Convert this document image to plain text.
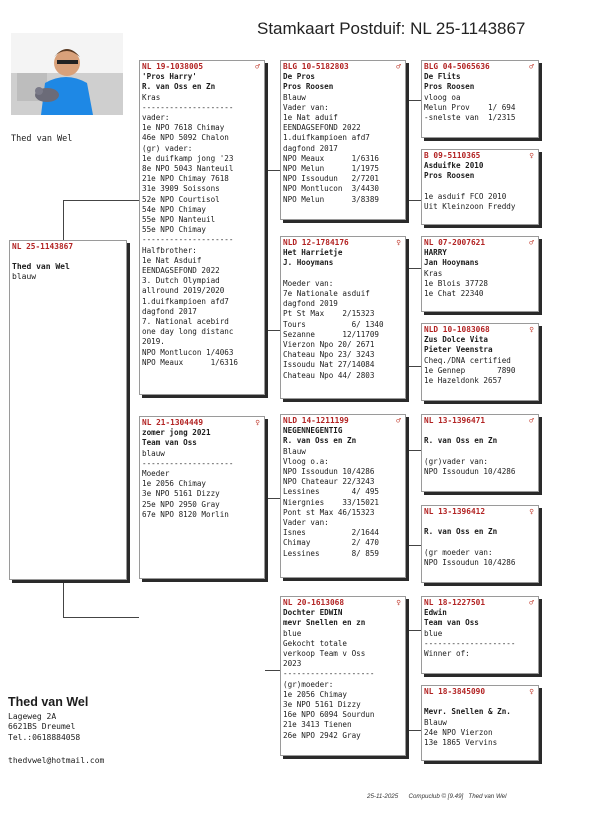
Stamkaart Postduif: NL 25-1143867
Thed van Wel
NL 25-1143867
Thed van Wel
blauw
NL 19-1038005	♂
'Pros Harry'
R. van Oss en Zn
Kras
--------------------
vader:
1e NPO 7618 Chimay
46e NPO 5092 Chalon
(gr) vader:
1e duifkamp jong '23
8e NPO 5043 Nanteuil
21e NPO Chimay 7618
31e 3909 Soissons
52e NPO Courtisol
54e NPO Chimay
55e NPO Nanteuil
55e NPO Chimay
--------------------
Halfbrother:
1e Nat Asduif
EENDAGSEFOND 2022
3. Dutch Olympiad
allround 2019/2020
1.duifkampioen afd7
dagfond 2017
7. National acebird
one day long distanc
2019.
NPO Montlucon 1/4063
NPO Meaux      1/6316
NL 21-1304449	♀
zomer jong 2021
Team van Oss
blauw
--------------------
Moeder
1e 2056 Chimay
3e NPO 5161 Dizzy
25e NPO 2950 Gray
67e NPO 8120 Morlin
BLG 10-5182803	♂
De Pros
Pros Roosen
Blauw
Vader van:
1e Nat aduif
EENDAGSEFOND 2022
1.duifkampioen afd7
dagfond 2017
NPO Meaux      1/6316
NPO Melun      1/1975
NPO Issoudun   2/7201
NPO Montlucon  3/4430
NPO Melun      3/8389
NLD 12-1784176	♀
Het Harrietje
J. Hooymans

Moeder van:
7e Nationale asduif
dagfond 2019
Pt St Max    2/15323
Tours          6/ 1340
Sezanne      12/11709
Vierzon Npo 20/ 2671
Chateau Npo 23/ 3243
Issoudu Nat 27/14084
Chateau Npo 44/ 2803
NLD 14-1211199	♂
NEGENNEGENTIG
R. van Oss en Zn
Blauw
Vloog o.a:
NPO Issoudun 10/4286
NPO Chateaur 22/3243
Lessines       4/ 495
Niergnies    33/15021
Pont st Max 46/15323
Vader van:
Isnes          2/1644
Chimay         2/ 470
Lessines       8/ 859
NL 20-1613068	♀
Dochter EDWIN
mevr Snellen en zn
blue
Gekocht totale
verkoop Team v Oss
2023
--------------------
(gr)moeder:
1e 2056 Chimay
3e NPO 5161 Dizzy
16e NPO 6094 Sourdun
21e 3413 Tienen
26e NPO 2942 Gray
BLG 04-5065636	♂
De Flits
Pros Roosen
vloog oa
Melun Prov    1/ 694
-snelste van  1/2315
B 09-5110365	♀
Asduifke 2010
Pros Roosen

1e asduif FCO 2010
Uit Kleinzoon Freddy
NL 07-2007621	♂
HARRY
Jan Hooymans
Kras
1e Blois 37728
1e Chat 22340
NLD 10-1083068	♀
Zus Dolce Vita
Pieter Veenstra
Cheq./DNA certified
1e Gennep       7890
1e Hazeldonk 2657
NL 13-1396471	♂

R. van Oss en Zn

(gr)vader van:
NPO Issoudun 10/4286
NL 13-1396412	♀

R. van Oss en Zn

(gr moeder van:
NPO Issoudun 10/4286
NL 18-1227501	♂
Edwin
Team van Oss
blue
--------------------
Winner of:
NL 18-3845090	♀

Mevr. Snellen & Zn.
Blauw
24e NPO Vierzon
13e 1865 Vervins
Thed van Wel
Lageweg 2A
6621BS Dreumel
Tel.:0618884058
thedvwel@hotmail.com
25-11-2025      Compuclub © [9.49]   Thed van Wel
